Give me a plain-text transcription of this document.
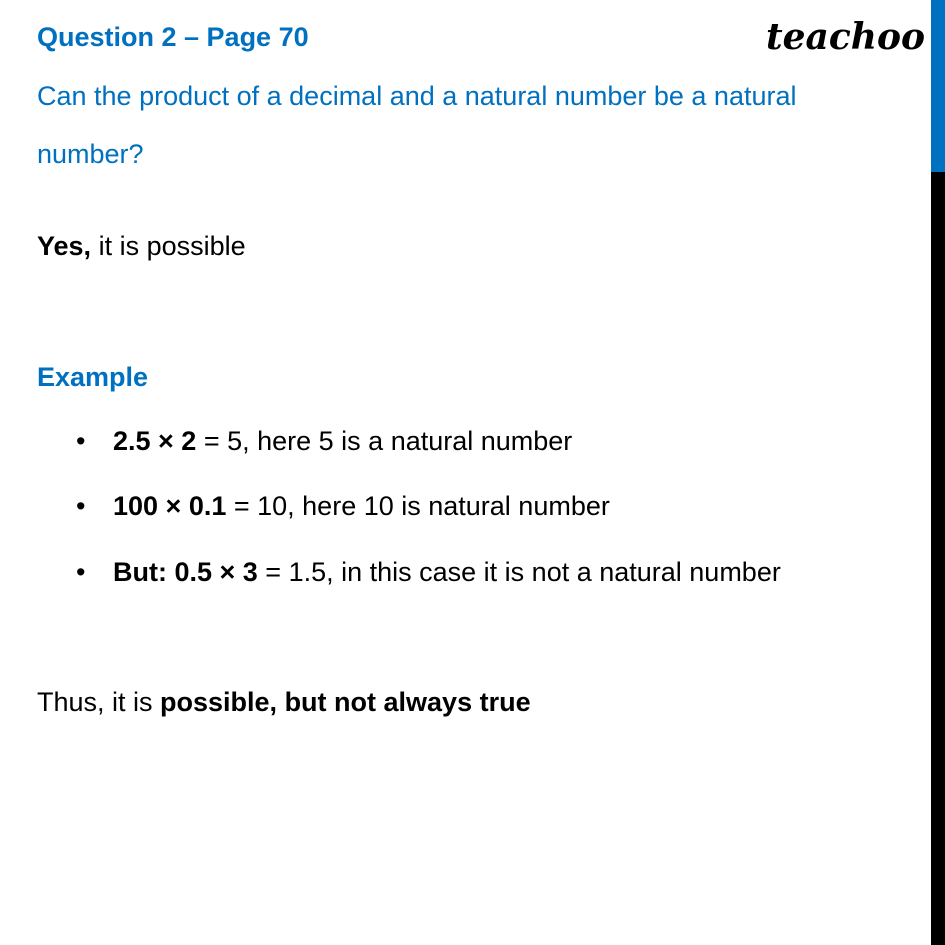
Question 2 – Page 70	teachoo
Can the product of a decimal and a natural number be a natural
number?
Yes, it is possible
Example
• 2.5 × 2 = 5, here 5 is a natural number
• 100 × 0.1 = 10, here 10 is natural number
• But: 0.5 × 3 = 1.5, in this case it is not a natural number
Thus, it is possible, but not always true
